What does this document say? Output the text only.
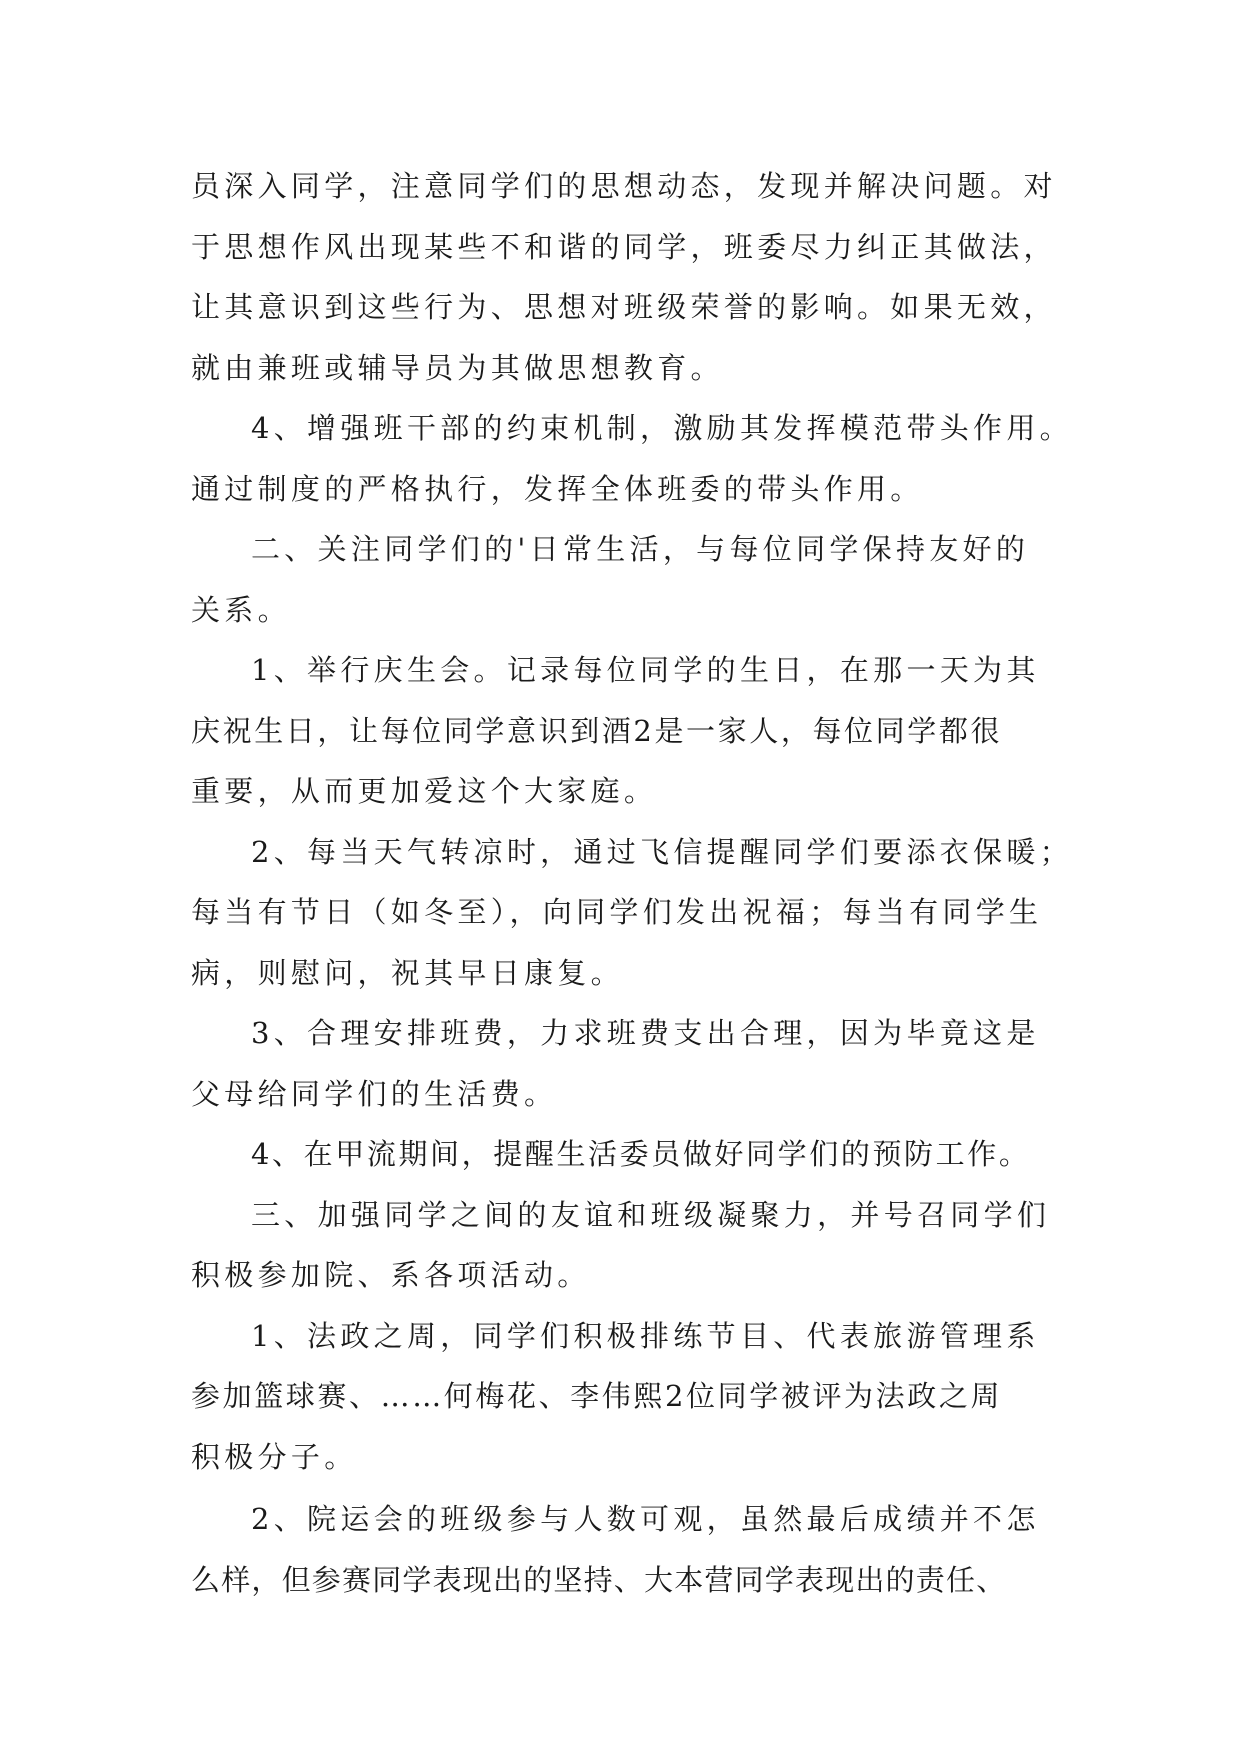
员深入同学，注意同学们的思想动态，发现并解决问题。对
于思想作风出现某些不和谐的同学，班委尽力纠正其做法，
让其意识到这些行为、思想对班级荣誉的影响。如果无效，
就由兼班或辅导员为其做思想教育。
4、增强班干部的约束机制，激励其发挥模范带头作用。
通过制度的严格执行，发挥全体班委的带头作用。
二、关注同学们的'日常生活，与每位同学保持友好的
关系。
1、举行庆生会。记录每位同学的生日，在那一天为其
庆祝生日，让每位同学意识到酒2是一家人，每位同学都很
重要，从而更加爱这个大家庭。
2、每当天气转凉时，通过飞信提醒同学们要添衣保暖；
每当有节日（如冬至），向同学们发出祝福；每当有同学生
病，则慰问，祝其早日康复。
3、合理安排班费，力求班费支出合理，因为毕竟这是
父母给同学们的生活费。
4、在甲流期间，提醒生活委员做好同学们的预防工作。
三、加强同学之间的友谊和班级凝聚力，并号召同学们
积极参加院、系各项活动。
1、法政之周，同学们积极排练节目、代表旅游管理系
参加篮球赛、……何梅花、李伟熙2位同学被评为法政之周
积极分子。
2、院运会的班级参与人数可观，虽然最后成绩并不怎
么样，但参赛同学表现出的坚持、大本营同学表现出的责任、
